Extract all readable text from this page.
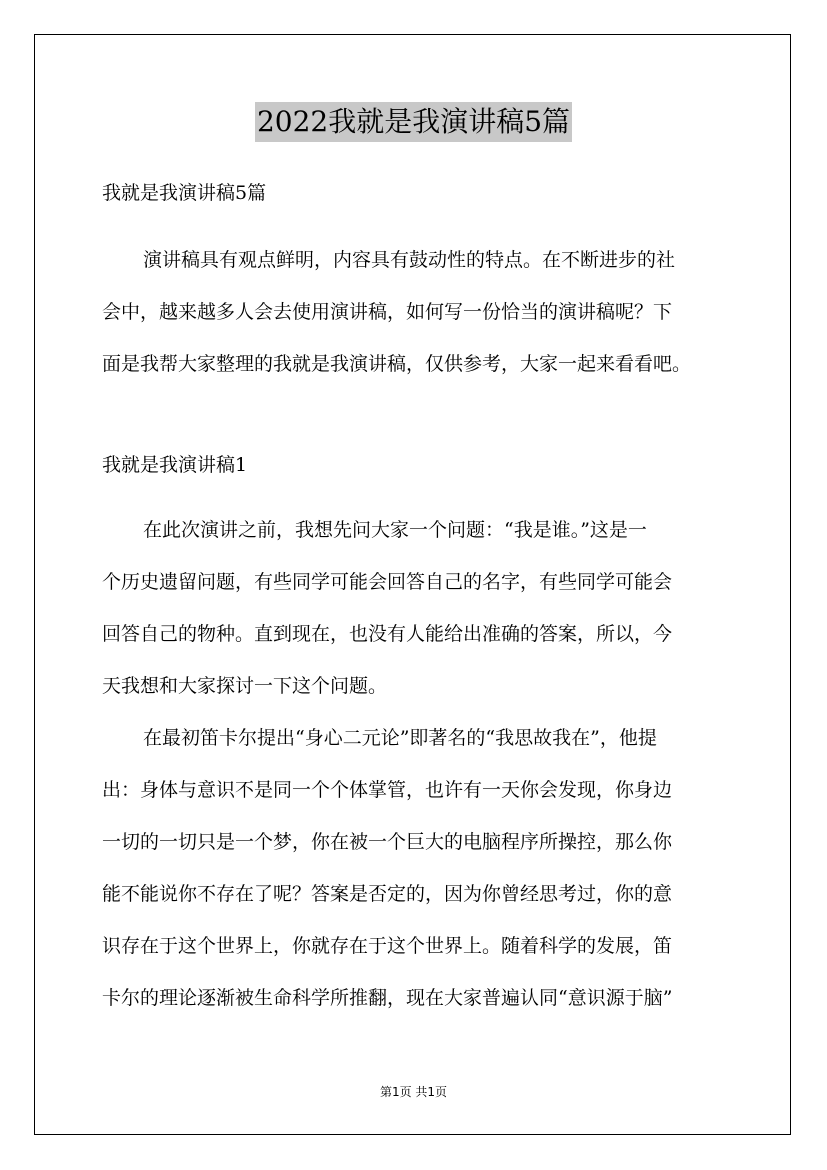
2022我就是我演讲稿5篇
我就是我演讲稿5篇
演讲稿具有观点鲜明，内容具有鼓动性的特点。在不断进步的社
会中，越来越多人会去使用演讲稿，如何写一份恰当的演讲稿呢？下
面是我帮大家整理的我就是我演讲稿，仅供参考，大家一起来看看吧。
我就是我演讲稿1
在此次演讲之前，我想先问大家一个问题：“我是谁。”这是一
个历史遗留问题，有些同学可能会回答自己的名字，有些同学可能会
回答自己的物种。直到现在，也没有人能给出准确的答案，所以，今
天我想和大家探讨一下这个问题。
在最初笛卡尔提出“身心二元论”即著名的“我思故我在”，他提
出：身体与意识不是同一个个体掌管，也许有一天你会发现，你身边
一切的一切只是一个梦，你在被一个巨大的电脑程序所操控，那么你
能不能说你不存在了呢？答案是否定的，因为你曾经思考过，你的意
识存在于这个世界上，你就存在于这个世界上。随着科学的发展，笛
卡尔的理论逐渐被生命科学所推翻，现在大家普遍认同“意识源于脑”
第1页 共1页
